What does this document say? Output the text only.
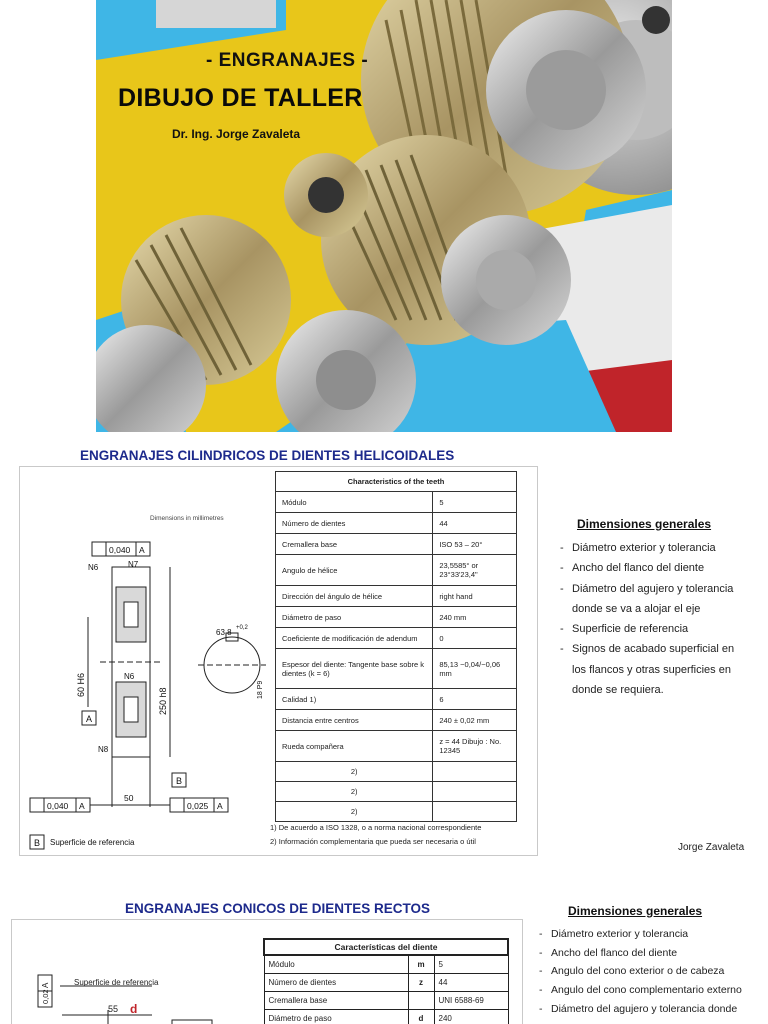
- ENGRANAJES -
DIBUJO DE TALLER
Dr. Ing. Jorge Zavaleta
ENGRANAJES CILINDRICOS DE DIENTES HELICOIDALES
Dimensions in millimetres
0,040 A
N6	N7
N6
N8
60 H6
250 h8
63,8 +0,2
18 P9
A
B
0,040 A
50
0,025 A
B Superficie de referencia
Characteristics of the teeth	
Módulo	5
Número de dientes	44
Cremallera base	ISO 53 – 20°
Angulo de hélice	23,5585° or 23°33'23,4"
Dirección del ángulo de hélice	right hand
Diámetro de paso	240 mm
Coeficiente de modificación de adendum	0
Espesor del diente: Tangente base sobre k dientes (k = 6)	85,13 −0,04/−0,06 mm
Calidad 1)	6
Distancia entre centros	240 ± 0,02 mm
Rueda compañera	z = 44 Dibujo : No. 12345
2)	
2)	
2)	
1) De acuerdo a ISO 1328, o a norma nacional correspondiente
2) Información complementaria que pueda ser necesaria o útil
Dimensiones generales
- Diámetro exterior y tolerancia
- Ancho del flanco del diente
- Diámetro del agujero y tolerancia donde se va a alojar el eje
- Superficie de referencia
- Signos de acabado superficial en los flancos y otras superficies en donde se requiera.
Jorge Zavaleta
ENGRANAJES CONICOS DE DIENTES RECTOS
Superficie de referencia
0,02
A
55 d
Características del diente		
Módulo	m	5
Número de dientes	z	44
Cremallera base		UNI 6588-69
Diámetro de paso	d	240
Dimensiones generales
- Diámetro exterior y tolerancia
- Ancho del flanco del diente
- Angulo del cono exterior o de cabeza
- Angulo del cono complementario externo
- Diámetro del agujero y tolerancia donde
